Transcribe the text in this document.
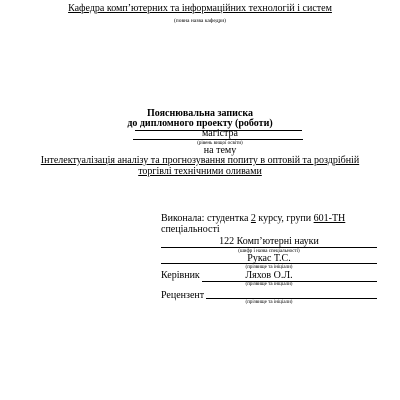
Кафедра комп’ютерних та інформаційних технологій і систем
(повна назва кафедри)
Пояснювальна записка
до дипломного проекту (роботи)
магістра
(рівень вищої освіти)
на тему
Інтелектуалізація аналізу та прогнозування попиту в оптовій та роздрібній
торгівлі технічними оливами
Виконала: студентка 2 курсу, групи 601-ТН
спеціальності
122 Комп’ютерні науки
(шифр і назва спеціальності)
Рукас Т.С.
(прізвище та ініціали)
Керівник	Ляхов О.Л.
(прізвище та ініціали)
Рецензент
(прізвище та ініціали)
